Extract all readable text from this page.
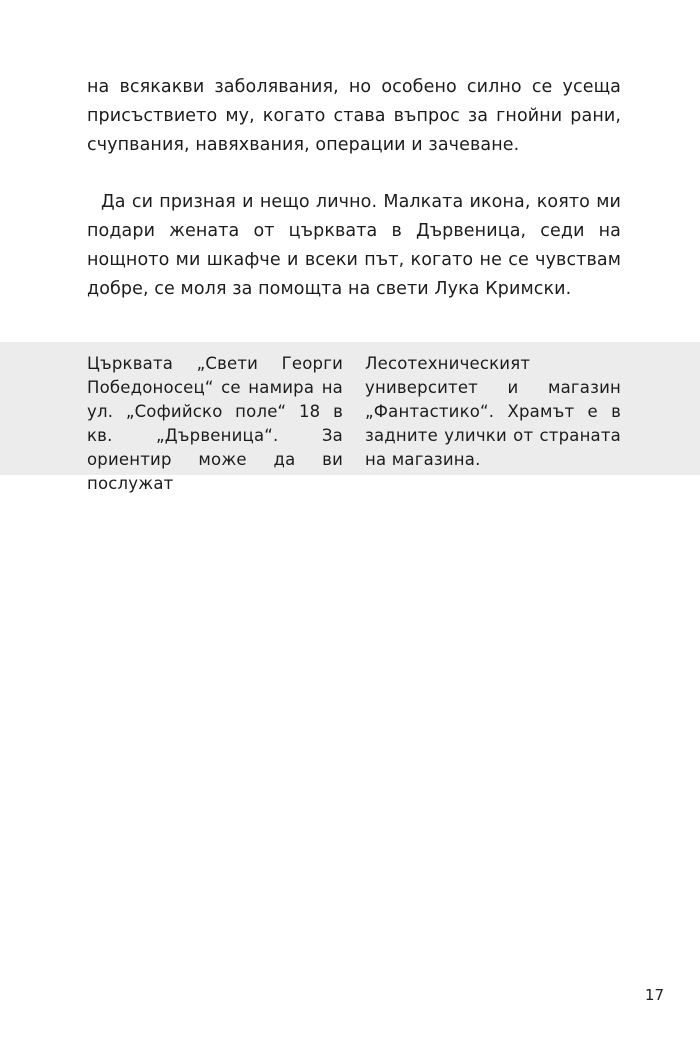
на всякакви заболявания, но особено силно се усеща присъствието му, когато става въпрос за гнойни рани, счупвания, навяхвания, операции и зачеване.

Да си призная и нещо лично. Малката икона, която ми подари жената от църквата в Дървеница, седи на нощното ми шкафче и всеки път, когато не се чувствам добре, се моля за помощта на свети Лука Кримски.

Църквата „Свети Георги Победоносец“ се намира на ул. „Софийско поле“ 18 в кв. „Дървеница“. За ориентир може да ви послужат
Лесотехническият университет и магазин „Фантастико“. Храмът е в задните улички от страната на магазина.
17
